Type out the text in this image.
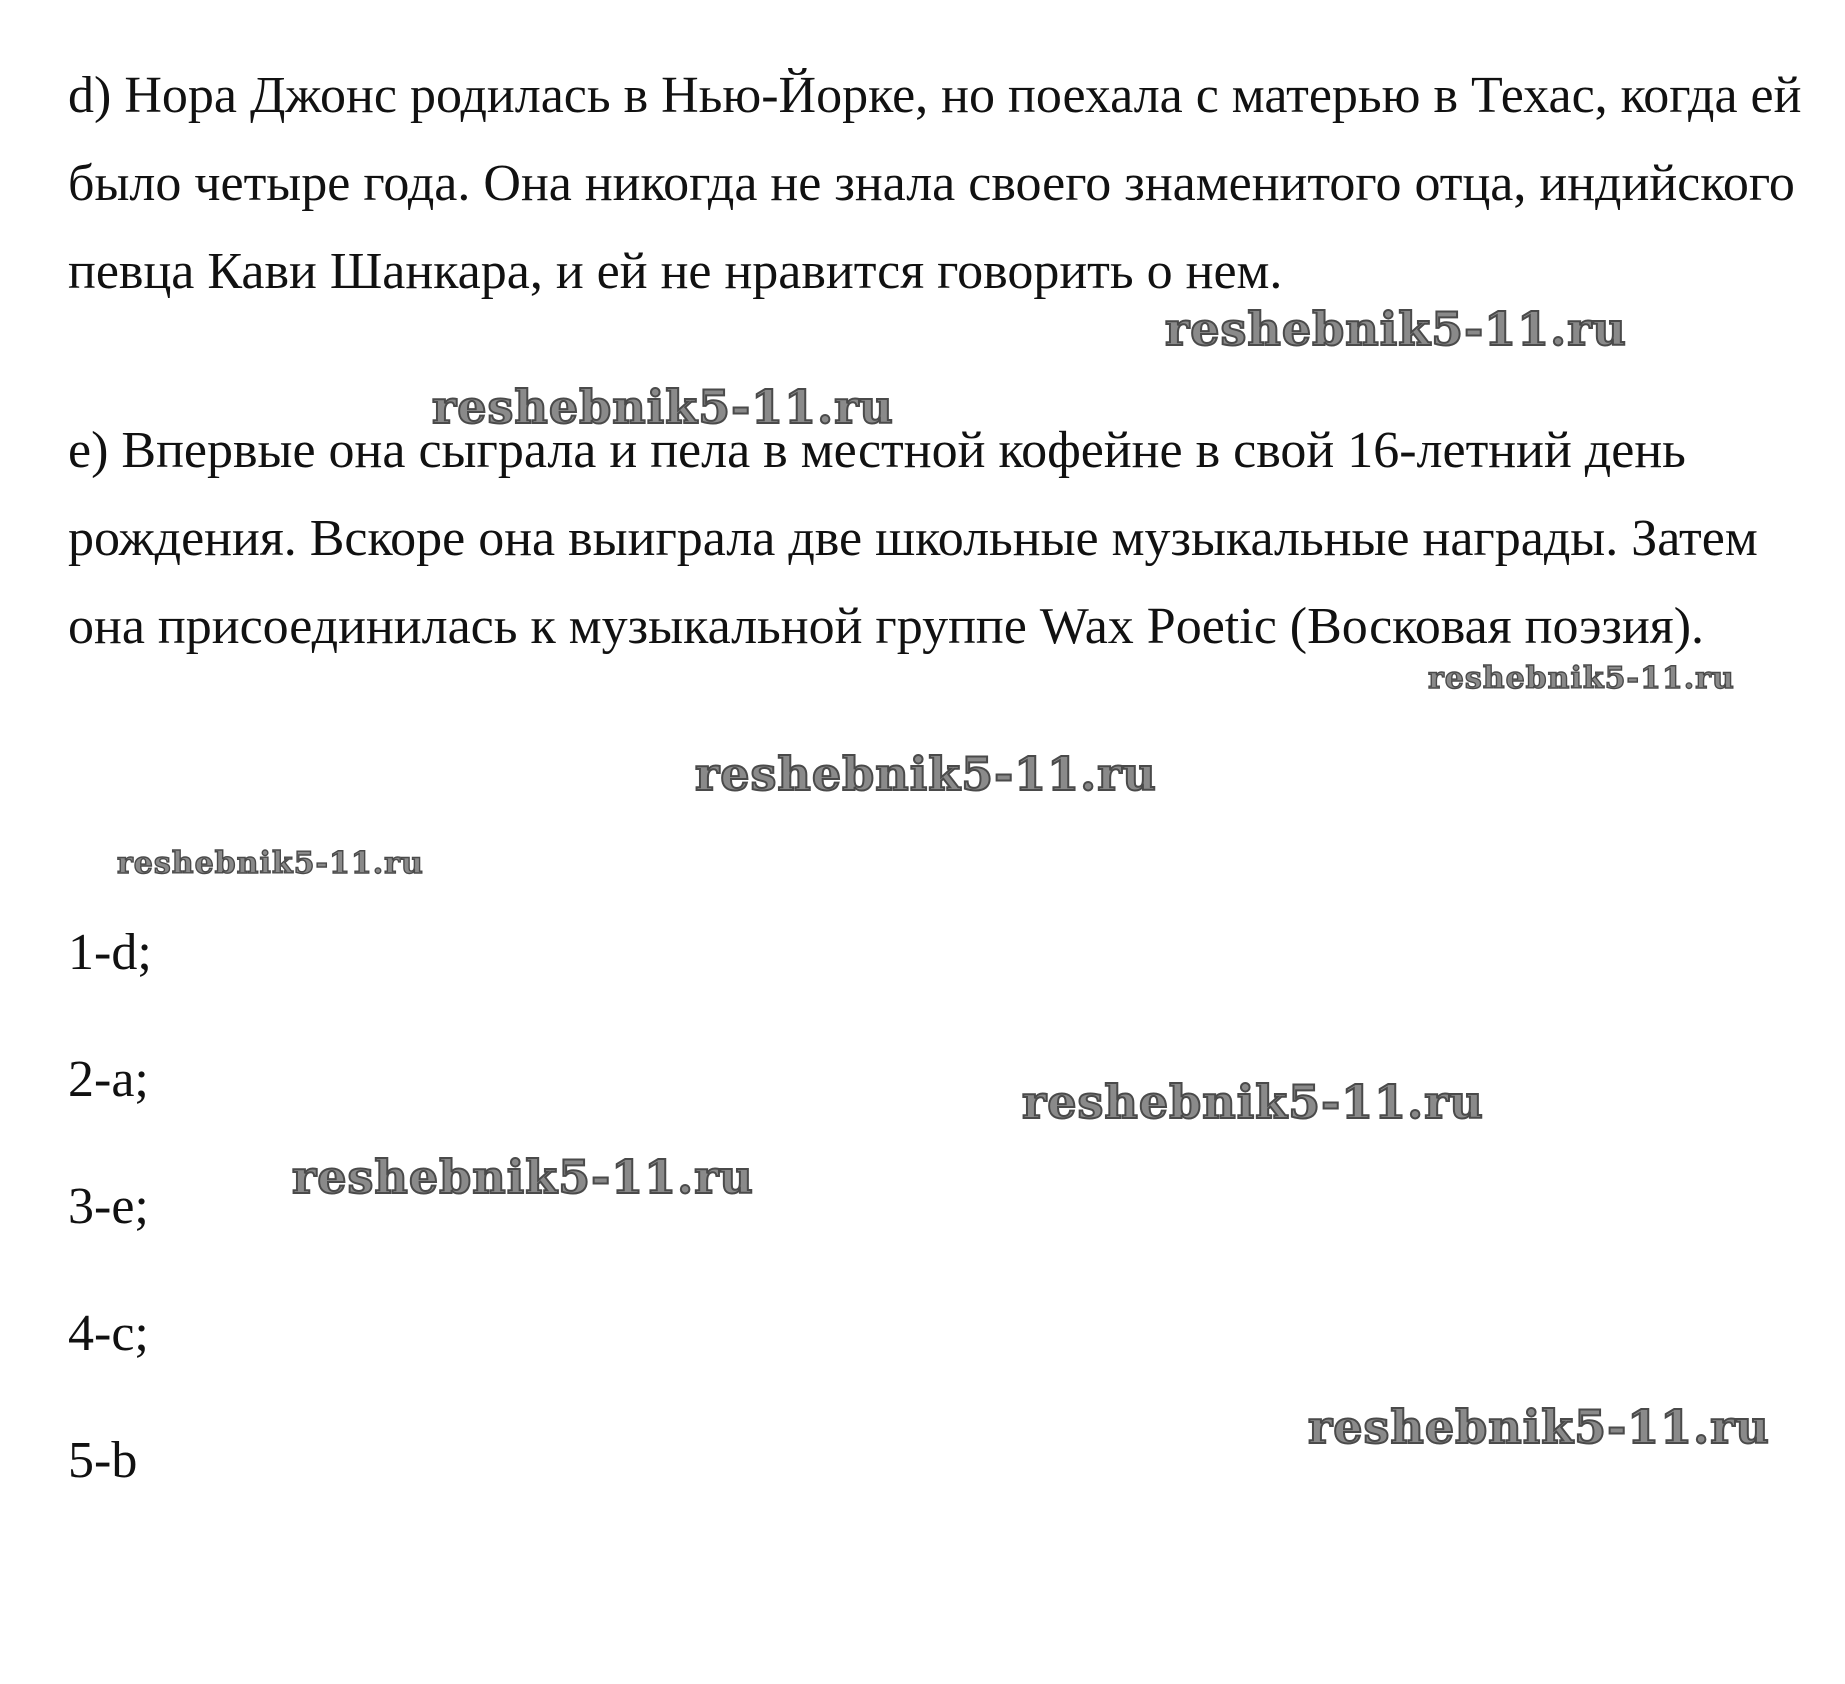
d) Нора Джонс родилась в Нью-Йорке, но поехала с матерью в Техас, когда ей было четыре года. Она никогда не знала своего знаменитого отца, индийского певца Кави Шанкара, и ей не нравится говорить о нем.

e) Впервые она сыграла и пела в местной кофейне в свой 16-летний день рождения. Вскоре она выиграла две школьные музыкальные награды. Затем она присоединилась к музыкальной группе Wax Poetic (Восковая поэзия).

1-d;
2-a;
3-e;
4-c;
5-b
reshebnik5-11.ru
reshebnik5-11.ru
reshebnik5-11.ru
reshebnik5-11.ru
reshebnik5-11.ru
reshebnik5-11.ru
reshebnik5-11.ru
reshebnik5-11.ru
